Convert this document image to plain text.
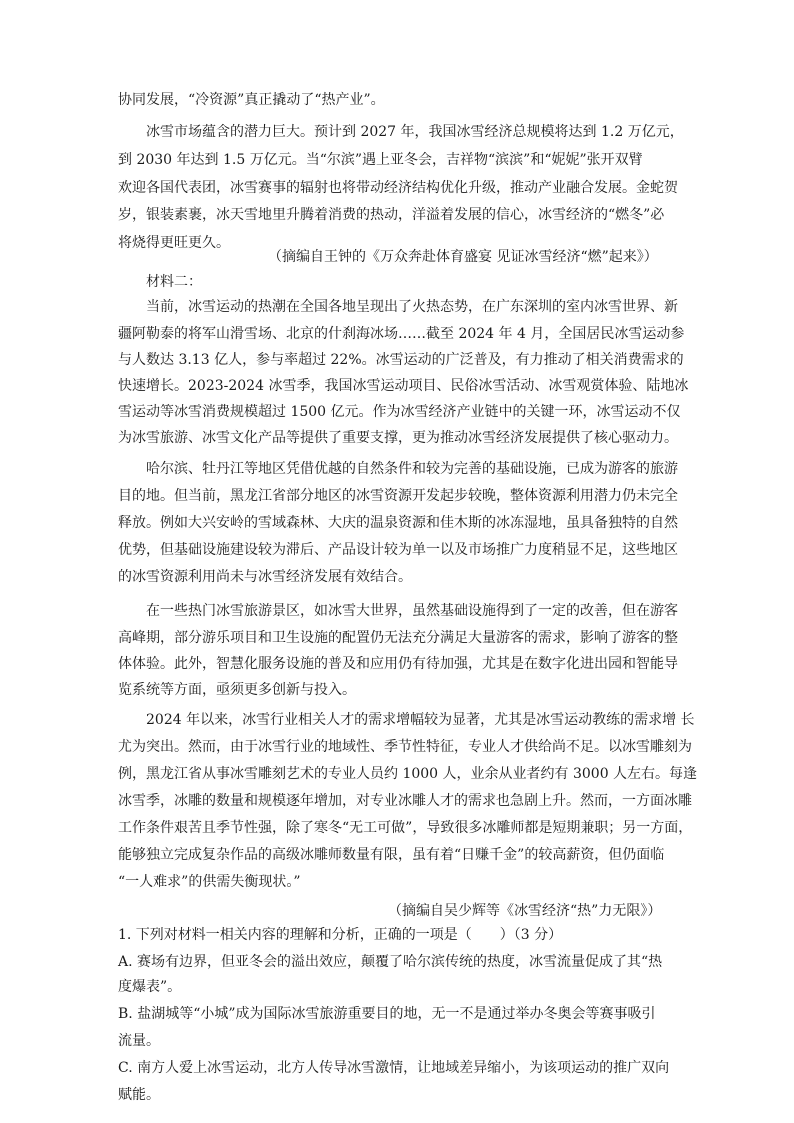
协同发展，“冷资源”真正撬动了“热产业”。
冰雪市场蕴含的潜力巨大。预计到 2027 年，我国冰雪经济总规模将达到 1.2 万亿元，
到 2030 年达到 1.5 万亿元。当“尔滨”遇上亚冬会，吉祥物“滨滨”和“妮妮”张开双臂
欢迎各国代表团，冰雪赛事的辐射也将带动经济结构优化升级，推动产业融合发展。金蛇贺
岁，银装素裹，冰天雪地里升腾着消费的热动，洋溢着发展的信心，冰雪经济的“燃冬”必
将烧得更旺更久。
（摘编自王钟的《万众奔赴体育盛宴 见证冰雪经济“燃”起来》）
材料二：
当前，冰雪运动的热潮在全国各地呈现出了火热态势，在广东深圳的室内冰雪世界、新
疆阿勒泰的将军山滑雪场、北京的什刹海冰场……截至 2024 年 4 月，全国居民冰雪运动参
与人数达 3.13 亿人，参与率超过 22%。冰雪运动的广泛普及，有力推动了相关消费需求的
快速增长。2023-2024 冰雪季，我国冰雪运动项目、民俗冰雪活动、冰雪观赏体验、陆地冰
雪运动等冰雪消费规模超过 1500 亿元。作为冰雪经济产业链中的关键一环，冰雪运动不仅
为冰雪旅游、冰雪文化产品等提供了重要支撑，更为推动冰雪经济发展提供了核心驱动力。
哈尔滨、牡丹江等地区凭借优越的自然条件和较为完善的基础设施，已成为游客的旅游
目的地。但当前，黑龙江省部分地区的冰雪资源开发起步较晚，整体资源利用潜力仍未完全
释放。例如大兴安岭的雪域森林、大庆的温泉资源和佳木斯的冰冻湿地，虽具备独特的自然
优势，但基础设施建设较为滞后、产品设计较为单一以及市场推广力度稍显不足，这些地区
的冰雪资源利用尚未与冰雪经济发展有效结合。
在一些热门冰雪旅游景区，如冰雪大世界，虽然基础设施得到了一定的改善，但在游客
高峰期，部分游乐项目和卫生设施的配置仍无法充分满足大量游客的需求，影响了游客的整
体体验。此外，智慧化服务设施的普及和应用仍有待加强，尤其是在数字化进出园和智能导
览系统等方面，亟须更多创新与投入。
2024 年以来，冰雪行业相关人才的需求增幅较为显著，尤其是冰雪运动教练的需求增 长
尤为突出。然而，由于冰雪行业的地域性、季节性特征，专业人才供给尚不足。以冰雪雕刻为
例，黑龙江省从事冰雪雕刻艺术的专业人员约 1000 人，业余从业者约有 3000 人左右。每逢
冰雪季，冰雕的数量和规模逐年增加，对专业冰雕人才的需求也急剧上升。然而，一方面冰雕
工作条件艰苦且季节性强，除了寒冬“无工可做”，导致很多冰雕师都是短期兼职；另一方面，
能够独立完成复杂作品的高级冰雕师数量有限，虽有着“日赚千金”的较高薪资，但仍面临
“一人难求”的供需失衡现状。”
（摘编自吴少辉等《冰雪经济“热”力无限》）
1. 下列对材料一相关内容的理解和分析，正确的一项是（　　）（3 分）
A. 赛场有边界，但亚冬会的溢出效应，颠覆了哈尔滨传统的热度，冰雪流量促成了其“热
度爆表”。
B. 盐湖城等“小城”成为国际冰雪旅游重要目的地，无一不是通过举办冬奥会等赛事吸引
流量。
C. 南方人爱上冰雪运动，北方人传导冰雪激情，让地域差异缩小，为该项运动的推广双向
赋能。
